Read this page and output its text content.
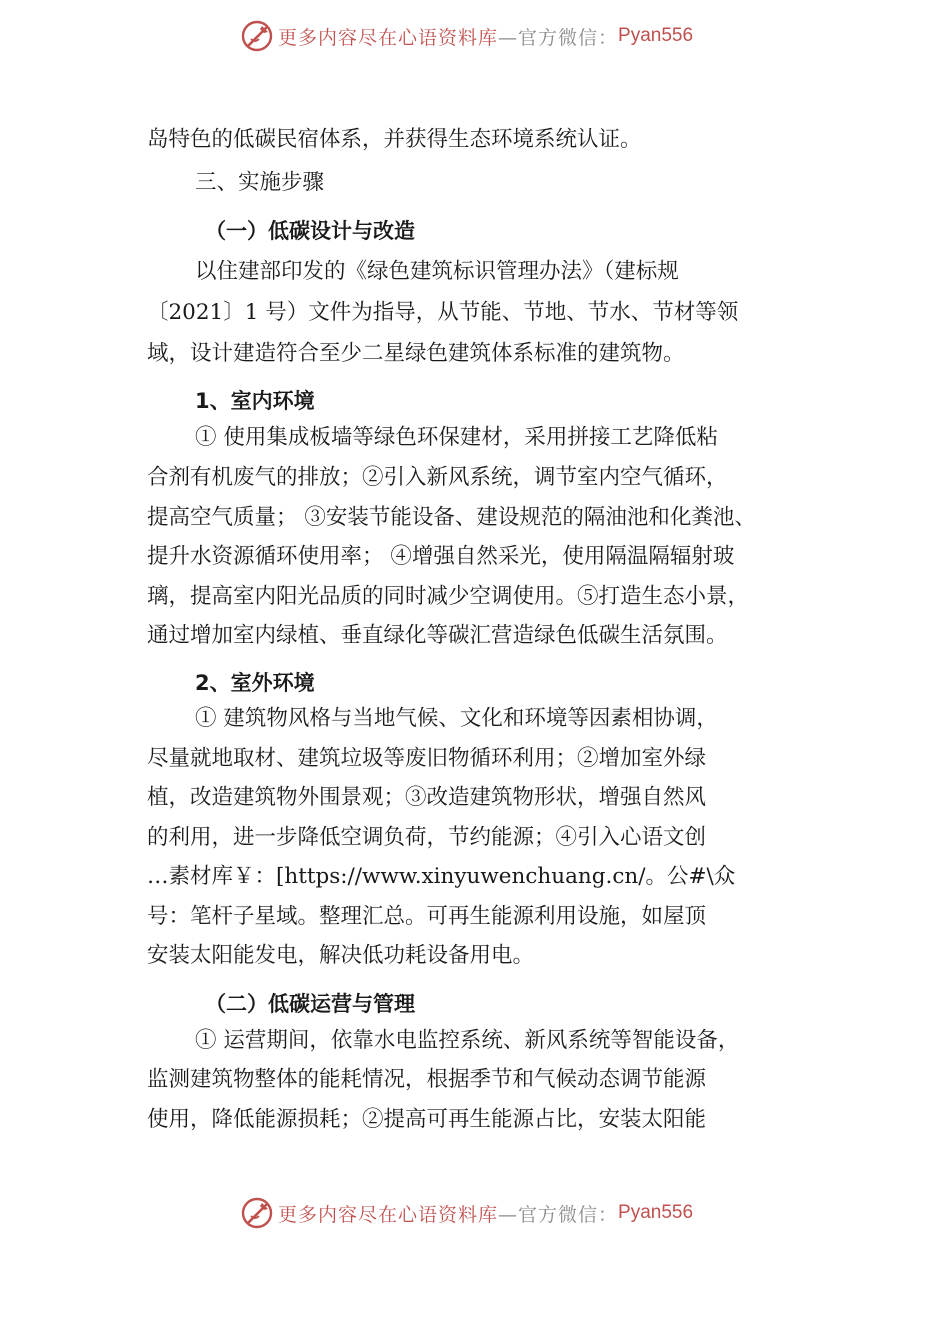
更多内容尽在心语资料库 —官方微信： Pyan556
岛特色的低碳民宿体系，并获得生态环境系统认证。
三、实施步骤
（一）低碳设计与改造
以住建部印发的《绿色建筑标识管理办法》（建标规
〔2021〕1 号）文件为指导，从节能、节地、节水、节材等领
域，设计建造符合至少二星绿色建筑体系标准的建筑物。
1、室内环境
① 使用集成板墙等绿色环保建材，采用拼接工艺降低粘
合剂有机废气的排放；②引入新风系统，调节室内空气循环，
提高空气质量； ③安装节能设备、建设规范的隔油池和化粪池、
提升水资源循环使用率； ④增强自然采光，使用隔温隔辐射玻
璃，提高室内阳光品质的同时减少空调使用。⑤打造生态小景，
通过增加室内绿植、垂直绿化等碳汇营造绿色低碳生活氛围。
2、室外环境
① 建筑物风格与当地气候、文化和环境等因素相协调，
尽量就地取材、建筑垃圾等废旧物循环利用；②增加室外绿
植，改造建筑物外围景观；③改造建筑物形状，增强自然风
的利用，进一步降低空调负荷，节约能源；④引入心语文创
…素材库￥：[https://www.xinyuwenchuang.cn/。公#\众
号：笔杆子星域。整理汇总。可再生能源利用设施，如屋顶
安装太阳能发电，解决低功耗设备用电。
（二）低碳运营与管理
① 运营期间，依靠水电监控系统、新风系统等智能设备，
监测建筑物整体的能耗情况，根据季节和气候动态调节能源
使用，降低能源损耗；②提高可再生能源占比，安装太阳能
更多内容尽在心语资料库 —官方微信： Pyan556
